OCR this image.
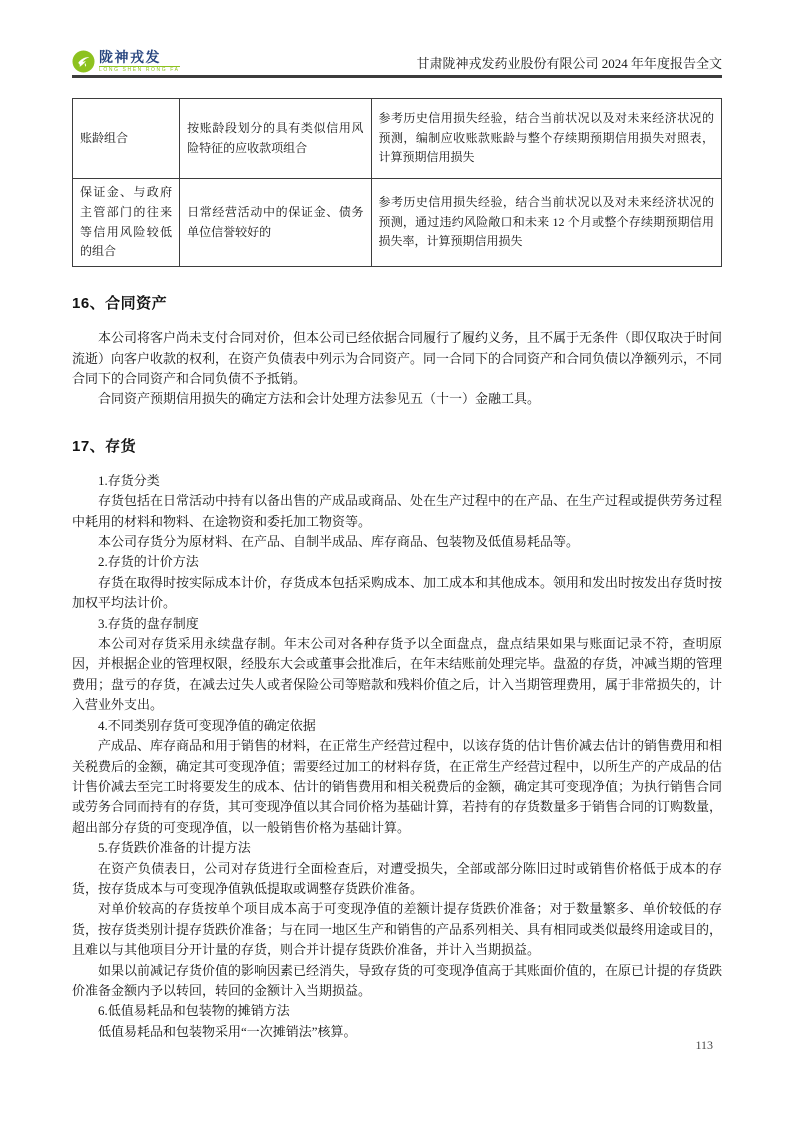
陇神戎发
LONG SHEN RONG FA	甘肃陇神戎发药业股份有限公司 2024 年年度报告全文
账龄组合	按账龄段划分的具有类似信用风险特征的应收款项组合	参考历史信用损失经验，结合当前状况以及对未来经济状况的预测，编制应收账款账龄与整个存续期预期信用损失对照表，计算预期信用损失
保证金、与政府主管部门的往来等信用风险较低的组合	日常经营活动中的保证金、债务单位信誉较好的	参考历史信用损失经验，结合当前状况以及对未来经济状况的预测，通过违约风险敞口和未来 12 个月或整个存续期预期信用损失率，计算预期信用损失
16、合同资产

本公司将客户尚未支付合同对价，但本公司已经依据合同履行了履约义务，且不属于无条件（即仅取决于时间流逝）向客户收款的权利，在资产负债表中列示为合同资产。同一合同下的合同资产和合同负债以净额列示，不同合同下的合同资产和合同负债不予抵销。

合同资产预期信用损失的确定方法和会计处理方法参见五（十一）金融工具。

17、存货

1.存货分类

存货包括在日常活动中持有以备出售的产成品或商品、处在生产过程中的在产品、在生产过程或提供劳务过程中耗用的材料和物料、在途物资和委托加工物资等。

本公司存货分为原材料、在产品、自制半成品、库存商品、包装物及低值易耗品等。

2.存货的计价方法

存货在取得时按实际成本计价，存货成本包括采购成本、加工成本和其他成本。领用和发出时按发出存货时按加权平均法计价。

3.存货的盘存制度

本公司对存货采用永续盘存制。年末公司对各种存货予以全面盘点，盘点结果如果与账面记录不符，查明原因，并根据企业的管理权限，经股东大会或董事会批准后，在年末结账前处理完毕。盘盈的存货，冲减当期的管理费用；盘亏的存货，在减去过失人或者保险公司等赔款和残料价值之后，计入当期管理费用，属于非常损失的，计入营业外支出。

4.不同类别存货可变现净值的确定依据

产成品、库存商品和用于销售的材料，在正常生产经营过程中，以该存货的估计售价减去估计的销售费用和相关税费后的金额，确定其可变现净值；需要经过加工的材料存货，在正常生产经营过程中，以所生产的产成品的估计售价减去至完工时将要发生的成本、估计的销售费用和相关税费后的金额，确定其可变现净值；为执行销售合同或劳务合同而持有的存货，其可变现净值以其合同价格为基础计算，若持有的存货数量多于销售合同的订购数量，超出部分存货的可变现净值，以一般销售价格为基础计算。

5.存货跌价准备的计提方法

在资产负债表日，公司对存货进行全面检查后，对遭受损失，全部或部分陈旧过时或销售价格低于成本的存货，按存货成本与可变现净值孰低提取或调整存货跌价准备。

对单价较高的存货按单个项目成本高于可变现净值的差额计提存货跌价准备；对于数量繁多、单价较低的存货，按存货类别计提存货跌价准备；与在同一地区生产和销售的产品系列相关、具有相同或类似最终用途或目的，且难以与其他项目分开计量的存货，则合并计提存货跌价准备，并计入当期损益。

如果以前减记存货价值的影响因素已经消失，导致存货的可变现净值高于其账面价值的，在原已计提的存货跌价准备金额内予以转回，转回的金额计入当期损益。

6.低值易耗品和包装物的摊销方法

低值易耗品和包装物采用“一次摊销法”核算。

113
